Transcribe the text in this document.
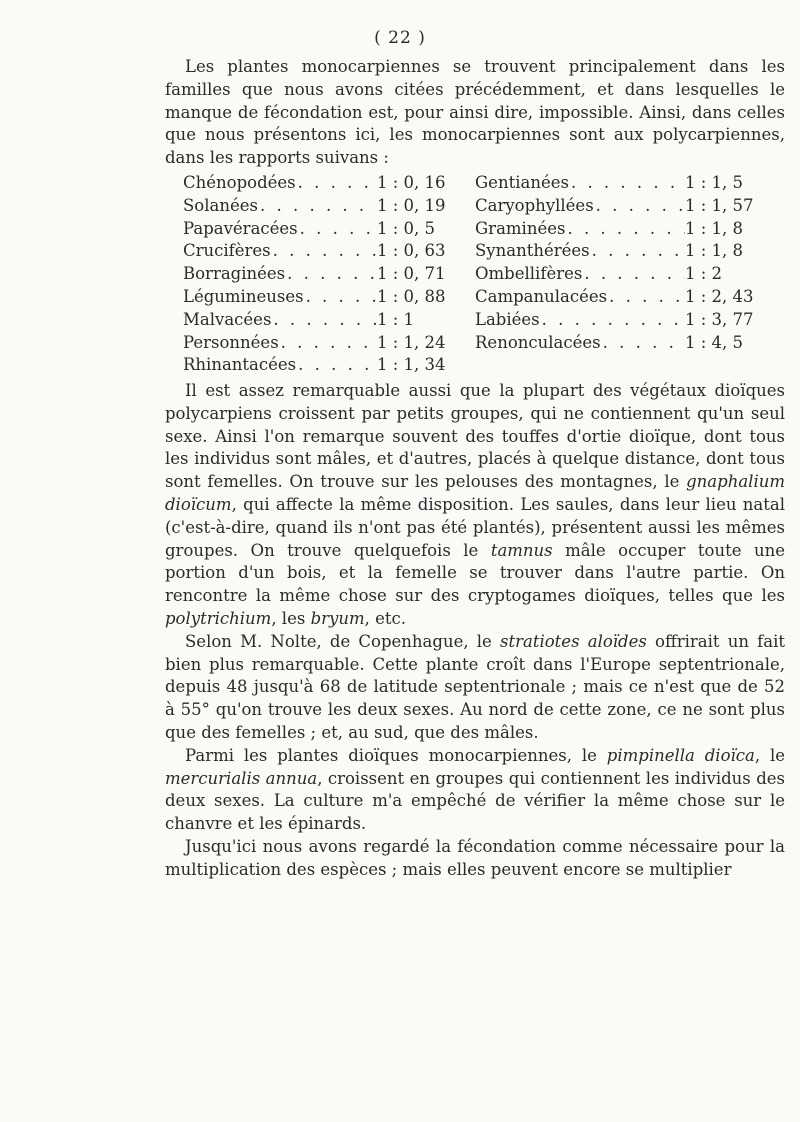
( 22 )

Les plantes monocarpiennes se trouvent principalement dans les familles que nous avons citées précédemment, et dans lesquelles le manque de fécondation est, pour ainsi dire, impossible. Ainsi, dans celles que nous présentons ici, les monocarpiennes sont aux polycarpiennes, dans les rapports suivans :

Chénopodées . . .	1 : 0, 16	Gentianées . . .	1 : 1, 5
Solanées . . .	1 : 0, 19	Caryophyllées . . .	1 : 1, 57
Papavéracées . . .	1 : 0, 5	Graminées . . .	1 : 1, 8
Crucifères . . .	1 : 0, 63	Synanthérées . . .	1 : 1, 8
Borraginées . . .	1 : 0, 71	Ombellifères . . .	1 : 2
Légumineuses . . .	1 : 0, 88	Campanulacées . . .	1 : 2, 43
Malvacées . . .	1 : 1	Labiées . . .	1 : 3, 77
Personnées . . .	1 : 1, 24	Renonculacées . . .	1 : 4, 5
Rhinantacées . . .	1 : 1, 34

Il est assez remarquable aussi que la plupart des végétaux dioïques polycarpiens croissent par petits groupes, qui ne contiennent qu'un seul sexe. Ainsi l'on remarque souvent des touffes d'ortie dioïque, dont tous les individus sont mâles, et d'autres, placés à quelque distance, dont tous sont femelles. On trouve sur les pelouses des montagnes, le gnaphalium dioïcum, qui affecte la même disposition. Les saules, dans leur lieu natal (c'est-à-dire, quand ils n'ont pas été plantés), présentent aussi les mêmes groupes. On trouve quelquefois le tamnus mâle occuper toute une portion d'un bois, et la femelle se trouver dans l'autre partie. On rencontre la même chose sur des cryptogames dioïques, telles que les polytrichium, les bryum, etc.

Selon M. Nolte, de Copenhague, le stratiotes aloïdes offrirait un fait bien plus remarquable. Cette plante croît dans l'Europe septentrionale, depuis 48 jusqu'à 68 de latitude septentrionale ; mais ce n'est que de 52 à 55° qu'on trouve les deux sexes. Au nord de cette zone, ce ne sont plus que des femelles ; et, au sud, que des mâles.

Parmi les plantes dioïques monocarpiennes, le pimpinella dioïca, le mercurialis annua, croissent en groupes qui contiennent les individus des deux sexes. La culture m'a empêché de vérifier la même chose sur le chanvre et les épinards.

Jusqu'ici nous avons regardé la fécondation comme nécessaire pour la multiplication des espèces ; mais elles peuvent encore se multiplier
